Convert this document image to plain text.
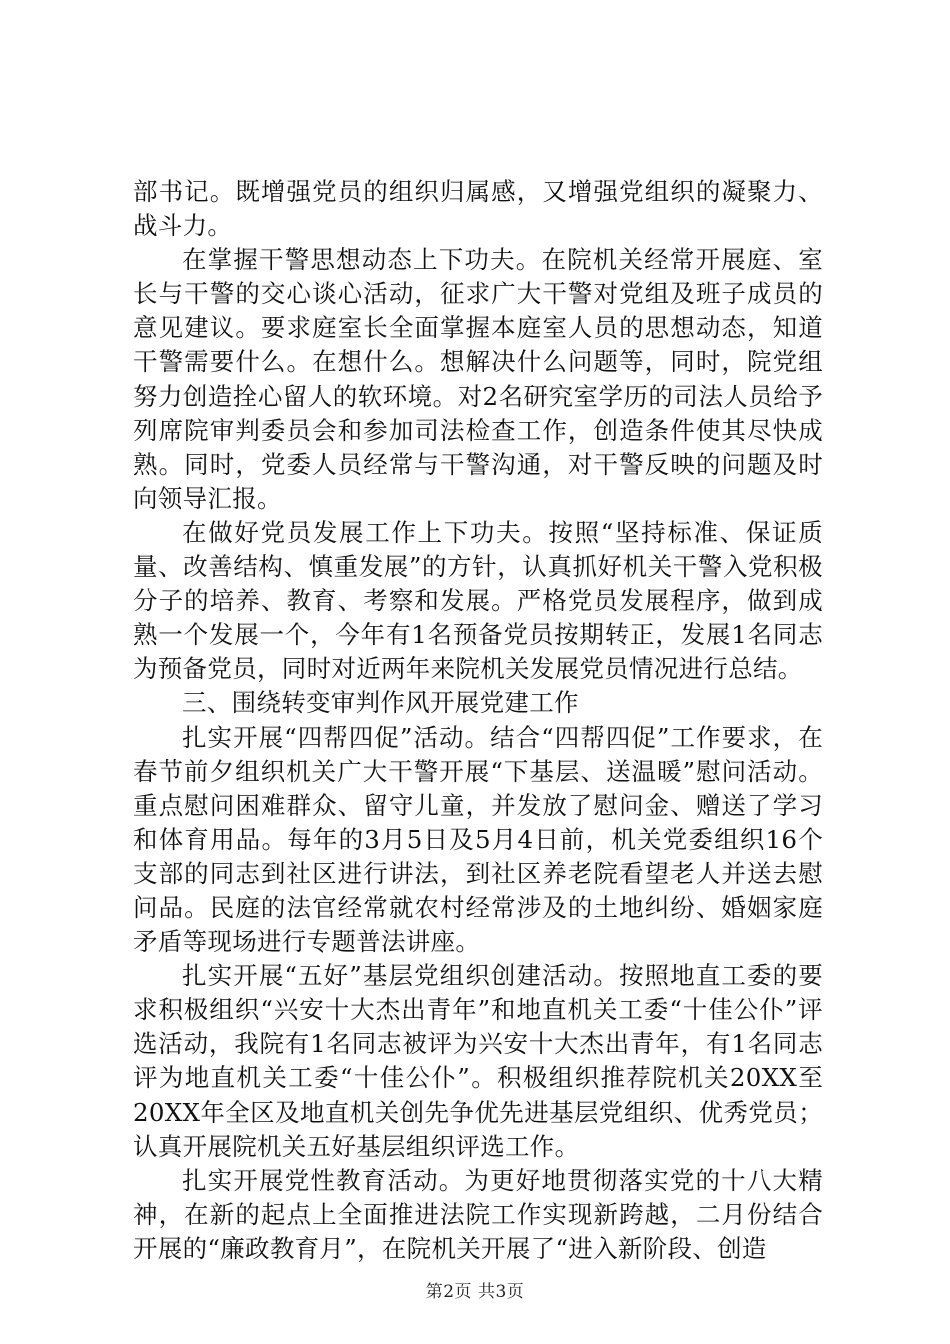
部书记。既增强党员的组织归属感，又增强党组织的凝聚力、战斗力。

在掌握干警思想动态上下功夫。在院机关经常开展庭、室长与干警的交心谈心活动，征求广大干警对党组及班子成员的意见建议。要求庭室长全面掌握本庭室人员的思想动态，知道干警需要什么。在想什么。想解决什么问题等，同时，院党组努力创造拴心留人的软环境。对2名研究室学历的司法人员给予列席院审判委员会和参加司法检查工作，创造条件使其尽快成熟。同时，党委人员经常与干警沟通，对干警反映的问题及时向领导汇报。

在做好党员发展工作上下功夫。按照“坚持标准、保证质量、改善结构、慎重发展”的方针，认真抓好机关干警入党积极分子的培养、教育、考察和发展。严格党员发展程序，做到成熟一个发展一个，今年有1名预备党员按期转正，发展1名同志为预备党员，同时对近两年来院机关发展党员情况进行总结。

三、围绕转变审判作风开展党建工作

扎实开展“四帮四促”活动。结合“四帮四促”工作要求，在春节前夕组织机关广大干警开展“下基层、送温暖”慰问活动。重点慰问困难群众、留守儿童，并发放了慰问金、赠送了学习和体育用品。每年的3月5日及5月4日前，机关党委组织16个支部的同志到社区进行讲法，到社区养老院看望老人并送去慰问品。民庭的法官经常就农村经常涉及的土地纠纷、婚姻家庭矛盾等现场进行专题普法讲座。

扎实开展“五好”基层党组织创建活动。按照地直工委的要求积极组织“兴安十大杰出青年”和地直机关工委“十佳公仆”评选活动，我院有1名同志被评为兴安十大杰出青年，有1名同志评为地直机关工委“十佳公仆”。积极组织推荐院机关20XX至20XX年全区及地直机关创先争优先进基层党组织、优秀党员；认真开展院机关五好基层组织评选工作。

扎实开展党性教育活动。为更好地贯彻落实党的十八大精神，在新的起点上全面推进法院工作实现新跨越，二月份结合开展的“廉政教育月”，在院机关开展了“进入新阶段、创造

第2页 共3页
